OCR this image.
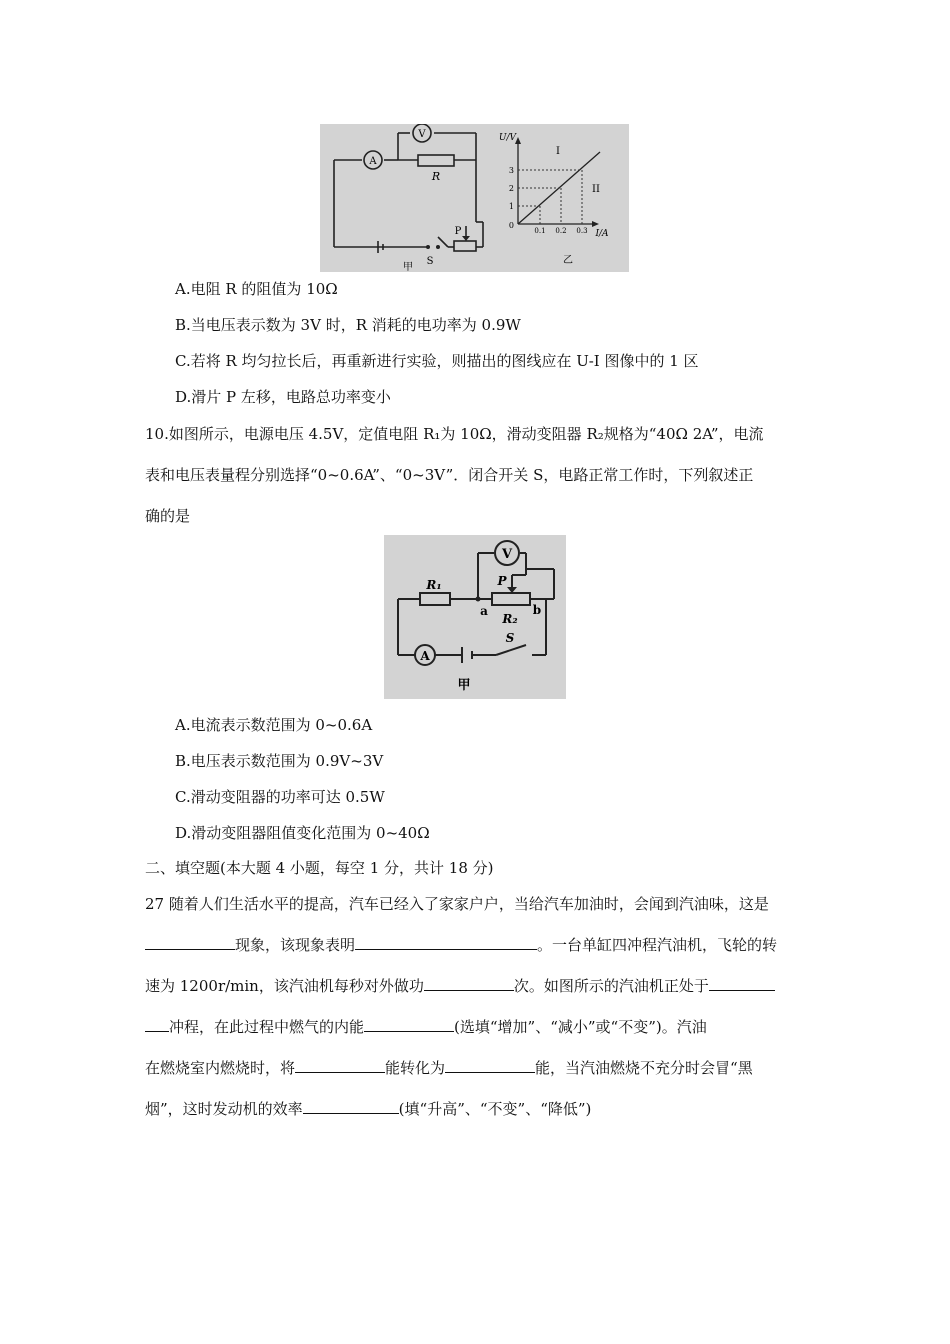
A
V
R
P
S
甲
U/V
I/A
0
1
2
3
0.1 0.2 0.3
I
II
乙
A.电阻 R 的阻值为 10Ω
B.当电压表示数为 3V 时，R 消耗的电功率为 0.9W
C.若将 R 均匀拉长后，再重新进行实验，则描出的图线应在 U-I 图像中的 1 区
D.滑片 P 左移，电路总功率变小
10.如图所示，电源电压 4.5V，定值电阻 R₁为 10Ω，滑动变阻器 R₂规格为“40Ω 2A”，电流
表和电压表量程分别选择“0~0.6A”、“0~3V”．闭合开关 S，电路正常工作时，下列叙述正
确的是
V
A
R₁	P
R₂
a	b
S
甲
A.电流表示数范围为 0~0.6A
B.电压表示数范围为 0.9V~3V
C.滑动变阻器的功率可达 0.5W
D.滑动变阻器阻值变化范围为 0~40Ω
二、填空题(本大题 4 小题，每空 1 分，共计 18 分)
27 随着人们生活水平的提高，汽车已经入了家家户户，当给汽车加油时，会闻到汽油味，这是
现象，该现象表明	。一台单缸四冲程汽油机，飞轮的转
速为 1200r/min，该汽油机每秒对外做功	次。如图所示的汽油机正处于
冲程，在此过程中燃气的内能	(选填“增加”、“减小”或“不变”)。汽油
在燃烧室内燃烧时，将	能转化为	能，当汽油燃烧不充分时会冒“黑
烟”，这时发动机的效率	(填“升高”、“不变”、“降低”)
